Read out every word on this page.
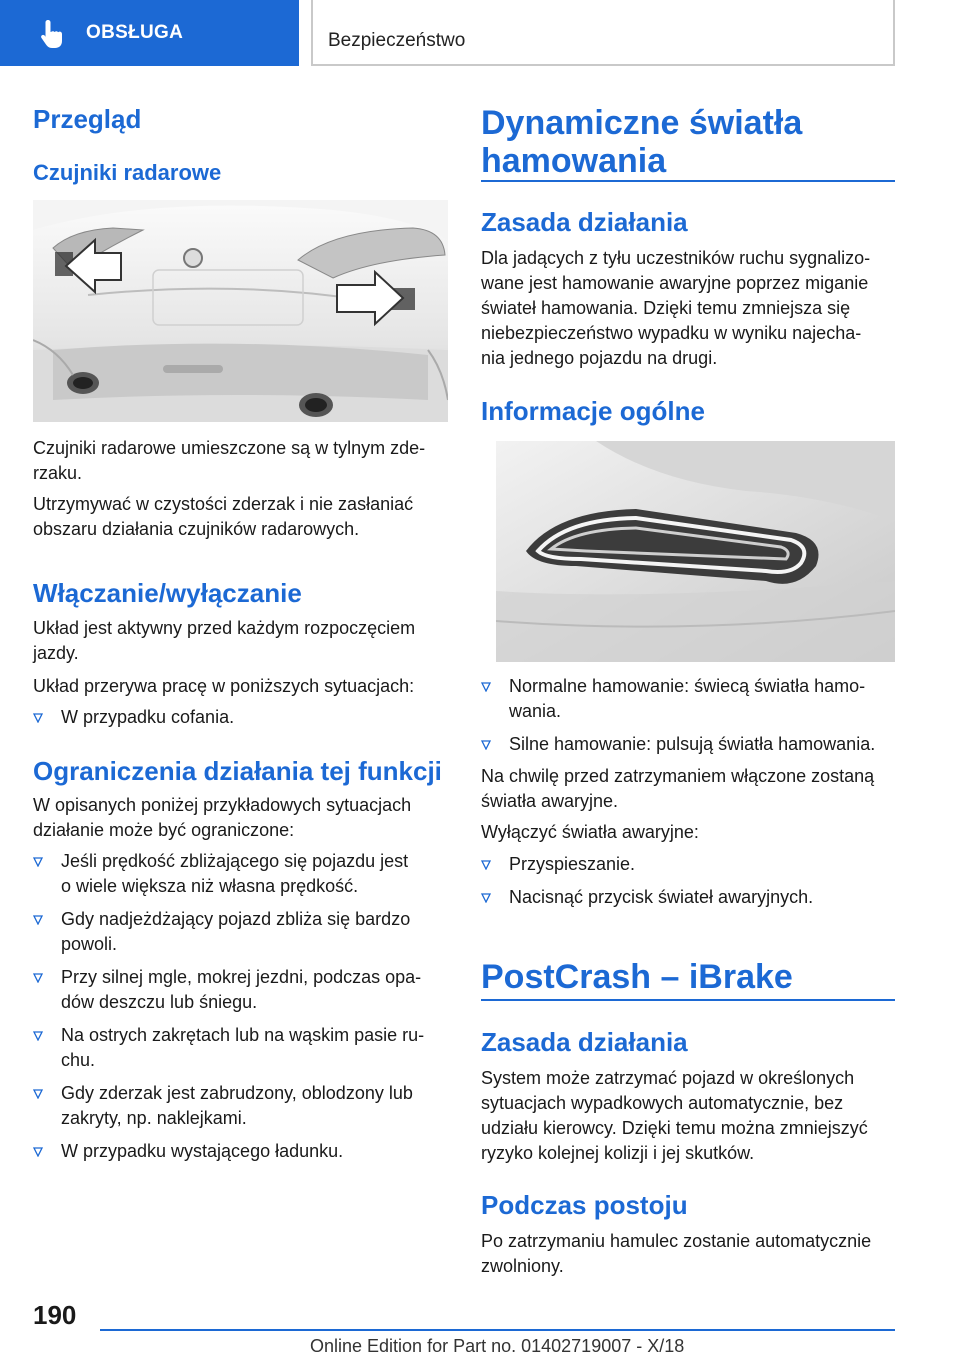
OBSŁUGA	Bezpieczeństwo
Przegląd
Czujniki radarowe

Czujniki radarowe umieszczone są w tylnym zde-
rzaku.

Utrzymywać w czystości zderzak i nie zasłaniać
obszaru działania czujników radarowych.

Włączanie/wyłączanie

Układ jest aktywny przed każdym rozpoczęciem
jazdy.

Układ przerywa pracę w poniższych sytuacjach:

W przypadku cofania.
Ograniczenia działania tej funkcji

W opisanych poniżej przykładowych sytuacjach
działanie może być ograniczone:

Jeśli prędkość zbliżającego się pojazdu jest
o wiele większa niż własna prędkość.
Gdy nadjeżdżający pojazd zbliża się bardzo
powoli.
Przy silnej mgle, mokrej jezdni, podczas opa-
dów deszczu lub śniegu.
Na ostrych zakrętach lub na wąskim pasie ru-
chu.
Gdy zderzak jest zabrudzony, oblodzony lub
zakryty, np. naklejkami.
W przypadku wystającego ładunku.
Dynamiczne światła
hamowania
Zasada działania

Dla jadących z tyłu uczestników ruchu sygnalizo-

wane jest hamowanie awaryjne poprzez miganie

świateł hamowania. Dzięki temu zmniejsza się

niebezpieczeństwo wypadku w wyniku najecha-

nia jednego pojazdu na drugi.

Informacje ogólne
Normalne hamowanie: świecą światła hamo-
wania.
Silne hamowanie: pulsują światła hamowania.

Na chwilę przed zatrzymaniem włączone zostaną
światła awaryjne.

Wyłączyć światła awaryjne:

Przyspieszanie.
Nacisnąć przycisk świateł awaryjnych.
PostCrash – iBrake
Zasada działania

System może zatrzymać pojazd w określonych

sytuacjach wypadkowych automatycznie, bez

udziału kierowcy. Dzięki temu można zmniejszyć

ryzyko kolejnej kolizji i jej skutków.

Podczas postoju

Po zatrzymaniu hamulec zostanie automatycznie

zwolniony.

190
Online Edition for Part no. 01402719007 - X/18
